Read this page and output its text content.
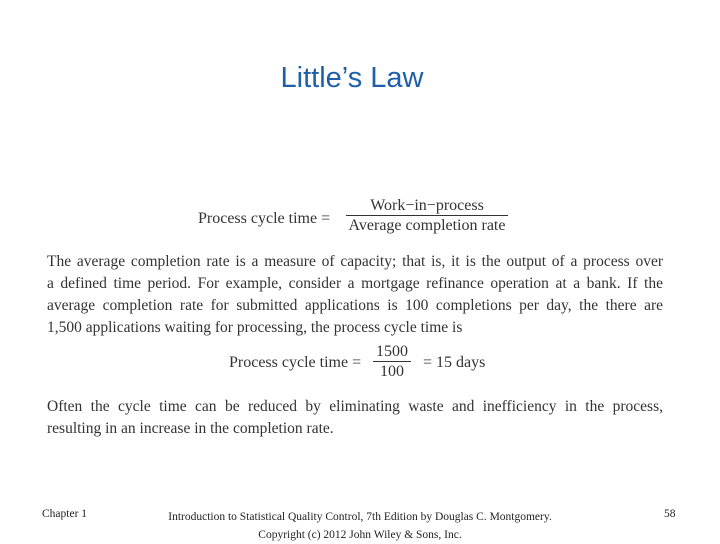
Little’s Law
Process cycle time =
Work−in−process
Average completion rate
The average completion rate is a measure of capacity; that is, it is the output of a process over
a defined time period. For example, consider a mortgage refinance operation at a bank. If the
average completion rate for submitted applications is 100 completions per day, the there are
1,500 applications waiting for processing, the process cycle time is
Process cycle time =
1500
100
= 15 days
Often the cycle time can be reduced by eliminating waste and inefficiency in the process,
resulting in an increase in the completion rate.
Chapter 1	Introduction to Statistical Quality Control, 7th Edition by Douglas C. Montgomery.
Copyright (c) 2012 John Wiley & Sons, Inc.
58
